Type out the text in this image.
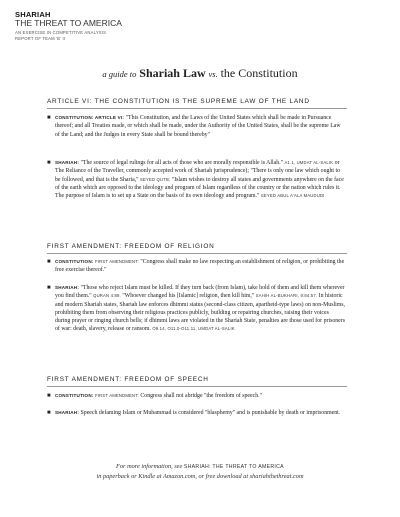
SHARIAH
THE THREAT TO AMERICA
AN EXERCISE IN COMPETITIVE ANALYSIS
REPORT OF TEAM 'B' II
a guide to Shariah Law vs. the Constitution
ARTICLE VI: THE CONSTITUTION IS THE SUPREME LAW OF THE LAND
■ CONSTITUTION: ARTICLE VI: "This Constitution, and the Laws of the United States which shall be made in Pursuance thereof; and all Treaties made, or which shall be made, under the Authority of the United States, shall be the supreme Law of the Land; and the Judges in every State shall be bound thereby"
■ SHARIAH: "The source of legal rulings for all acts of those who are morally responsible is Allah." A1.1, UMDAT AL-SALIK or The Reliance of the Traveller, commonly accepted work of Shariah jurisprudence); "There is only one law which ought to be followed, and that is the Sharia," SEYED QUTB; "Islam wishes to destroy all states and governments anywhere on the face of the earth which are opposed to the ideology and program of Islam regardless of the country or the nation which rules it. The purpose of Islam is to set up a State on the basis of its own ideology and program." SEYED ABUL A'ALA MAUDUDI
FIRST AMENDMENT: FREEDOM OF RELIGION
■ CONSTITUTION: FIRST AMENDMENT: "Congress shall make no law respecting an establishment of religion, or prohibiting the free exercise thereof."
■ SHARIAH: "Those who reject Islam must be killed. If they turn back (from Islam), take hold of them and kill them wherever you find them." QURAN 4:89. "Whoever changed his [Islamic] religion, then kill him," SAHIH AL-BUKHARI, 9:84:57. In historic and modern Shariah states, Shariah law enforces dhimmi status (second-class citizen, apartheid-type laws) on non-Muslims, prohibiting them from observing their religious practices publicly, building or repairing churches, raising their voices during prayer or ringing church bells; if dhimmi laws are violated in the Shariah State, penalties are those used for prisoners of war: death, slavery, release or ransom. O9.14, O11.0-O11.11, UMDAT AL-SALIK
FIRST AMENDMENT: FREEDOM OF SPEECH
■ CONSTITUTION: FIRST AMENDMENT: Congress shall not abridge "the freedom of speech."
■ SHARIAH: Speech defaming Islam or Muhammad is considered "blasphemy" and is punishable by death or imprisonment.
For more information, see SHARIAH: THE THREAT TO AMERICA
in paperback or Kindle at Amazon.com, or free download at shariahthethreat.com
